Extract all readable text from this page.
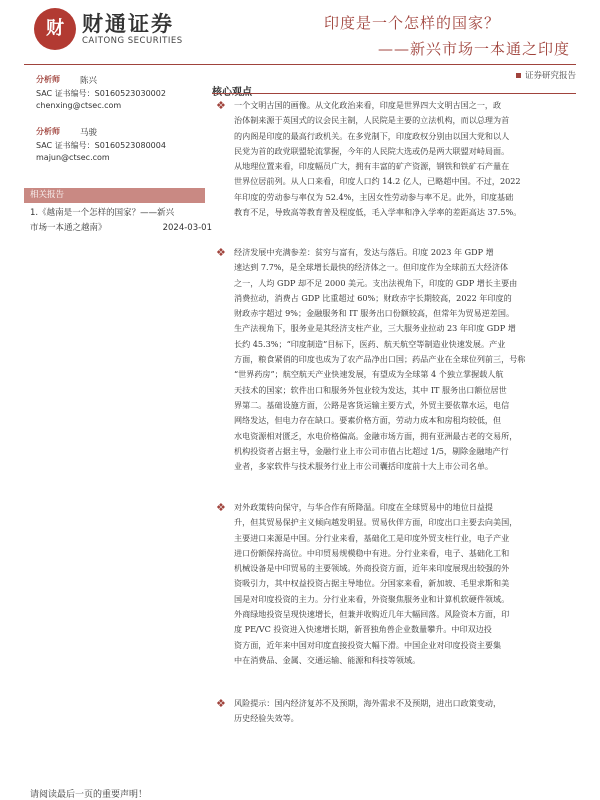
财 财通证券
CAITONG SECURITIES
印度是一个怎样的国家？
——新兴市场一本通之印度
证券研究报告
分析师 陈兴
SAC 证书编号：S0160523030002
chenxing@ctsec.com
分析师 马骏
SAC 证书编号：S0160523080004
majun@ctsec.com
相关报告
1.《越南是一个怎样的国家？——新兴
市场一本通之越南》	2024-03-01
❖ 一个文明古国的画像。从文化政治来看，印度是世界四大文明古国之一，政
治体制来源于英国式的议会民主制，人民院是主要的立法机构，而以总理为首
的内阁是印度的最高行政机关。在多党制下，印度政权分别由以国大党和以人
民党为首的政党联盟轮流掌握，今年的人民院大选或仍是两大联盟对峙局面。
从地理位置来看，印度幅员广大，拥有丰富的矿产资源，钢铁和铁矿石产量在
世界位居前列。从人口来看，印度人口约 14.2 亿人，已略超中国。不过，2022
年印度的劳动参与率仅为 52.4%，主因女性劳动参与率不足。此外，印度基础
教育不足，导致高等教育普及程度低，毛入学率和净入学率的差距高达 37.5%。
❖ 经济发展中充满参差：贫穷与富有，发达与落后。印度 2023 年 GDP 增
速达到 7.7%，是全球增长最快的经济体之一。但印度作为全球前五大经济体
之一，人均 GDP 却不足 2000 美元。支出法视角下，印度的 GDP 增长主要由
消费拉动，消费占 GDP 比重超过 60%；财政赤字长期较高，2022 年印度的
财政赤字超过 9%；金融服务和 IT 服务出口份额较高，但常年为贸易逆差国。
生产法视角下，服务业是其经济支柱产业，三大服务业拉动 23 年印度 GDP 增
长约 45.3%；“印度制造”目标下，医药、航天航空等制造业快速发展。产业
方面，粮食紧俏的印度也成为了农产品净出口国；药品产业在全球位列前三，号称
“世界药房”；航空航天产业快速发展，有望成为全球第 4 个独立掌握载人航
天技术的国家；软件出口和服务外包业较为发达，其中 IT 服务出口额位居世
界第二。基础设施方面，公路是客货运输主要方式，外贸主要依靠水运，电信
网络发达，但电力存在缺口。要素价格方面，劳动力成本和房租均较低，但
水电资源相对匮乏，水电价格偏高。金融市场方面，拥有亚洲最古老的交易所，
机构投资者占据主导，金融行业上市公司市值占比超过 1/5，剔除金融地产行
业者，多家软件与技术服务行业上市公司囊括印度前十大上市公司名单。
❖ 对外政策转向保守，与华合作有所降温。印度在全球贸易中的地位日益提
升，但其贸易保护主义倾向越发明显。贸易伙伴方面，印度出口主要去向美国，
主要进口来源是中国。分行业来看，基础化工是印度外贸支柱行业，电子产业
进口份额保持高位。中印贸易规模稳中有进。分行业来看，电子、基础化工和
机械设备是中印贸易的主要领域。外商投资方面，近年来印度展现出较强的外
资吸引力，其中权益投资占据主导地位。分国家来看，新加坡、毛里求斯和美
国是对印度投资的主力。分行业来看，外资聚焦服务业和计算机软硬件领域。
外商绿地投资呈现快速增长，但兼并收购近几年大幅回落。风险资本方面，印
度 PE/VC 投资进入快速增长期，新晋独角兽企业数量攀升。中印双边投
资方面，近年来中国对印度直接投资大幅下滑。中国企业对印度投资主要集
中在消费品、金属、交通运输、能源和科技等领域。
❖ 风险提示：国内经济复苏不及预期，海外需求不及预期，进出口政策变动，
历史经验失效等。
请阅读最后一页的重要声明！
